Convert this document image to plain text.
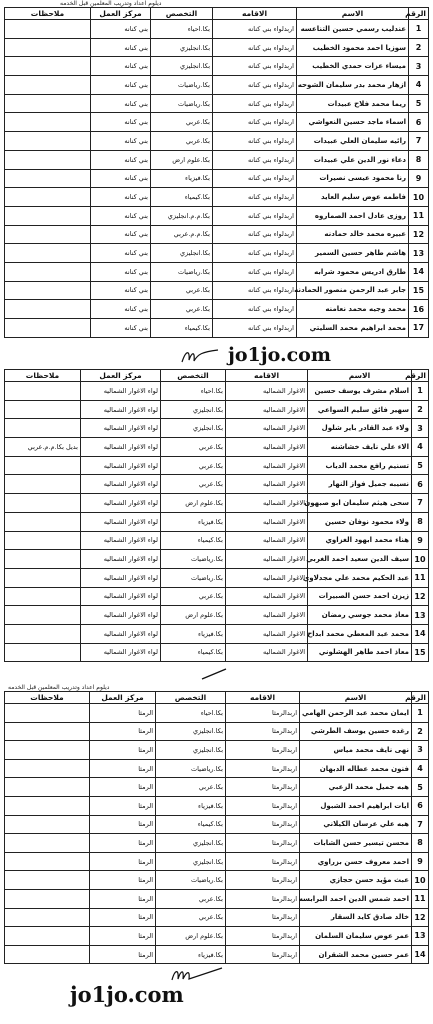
ديلوم اعداد وتدريب المعلمين قبل الخدمه
الرقم	الاسم	الاقامه	التخصص	مركز العمل	ملاحظات
1	عندليب رسمي حسين التناعسه	اربدلواء بني كنانه	بكا.احياء	بني كنانه	
2	سوزيا احمد محمود الخطيب	اربدلواء بني كنانه	بكا.انجليزي	بني كنانه	
3	ميساء عزات حمدي الخطيب	اربدلواء بني كنانه	بكا.انجليزي	بني كنانه	
4	ازهار محمد بدر سليمان الشوحه	اربدلواء بني كنانه	بكا.رياضيات	بني كنانه	
5	ريما محمد فلاح عبيدات	اربدلواء بني كنانه	بكا.رياضيات	بني كنانه	
6	اسماء ماجد حسين النعواشي	اربدلواء بني كنانه	بكا.عربي	بني كنانه	
7	رائيه سليمان العلي عبيدات	اربدلواء بني كنانه	بكا.عربي	بني كنانه	
8	دعاء نور الدين علي عبيدات	اربدلواء بني كنانه	بكا.علوم ارض	بني كنانه	
9	رنا محمود عيسى نصيرات	اربدلواء بني كنانه	بكا.فيزياء	بني كنانه	
10	فاطمه عوض سليم العايد	اربدلواء بني كنانه	بكا.كيمياء	بني كنانه	
11	روزى عادل احمد الصماروه	اربدلواء بني كنانه	بكا.م.م.انجليزي	بني كنانه	
12	عبيره محمد خالد حمادنه	اربدلواء بني كنانه	بكا.م.م.عربي	بني كنانه	
13	هاشم طاهر حسين السمير	اربدلواء بني كنانه	بكا.انجليزي	بني كنانه	
14	طارق ادريس محمود شرابه	اربدلواء بني كنانه	بكا.رياضيات	بني كنانه	
15	جابر عبد الرحمن منصور الحمادنه	اربدلواء بني كنانه	بكا.عربي	بني كنانه	
16	محمد وجيه محمد نعامنه	اربدلواء بني كنانه	بكا.عربي	بني كنانه	
17	محمد ابراهيم محمد السليتي	اربدلواء بني كنانه	بكا.كيمياء	بني كنانه	
jo1jo.com
الرقم	الاسم	الاقامه	التخصص	مركز العمل	ملاحظات
1	اسلام مشرف يوسف حسين	الاغوار الشماليه	بكا.احياء	لواء الاغوار الشماليه	
2	سهير فائق سليم السواعي	الاغوار الشماليه	بكا.انجليزي	لواء الاغوار الشماليه	
3	ولاء عبد القادر باير شلول	الاغوار الشماليه	بكا.انجليزي	لواء الاغوار الشماليه	
4	الاء علي نايف خشاشنه	الاغوار الشماليه	بكا.عربي	لواء الاغوار الشماليه	بديل بكا.م.م.عربي
5	تسنيم رافع محمد الدياب	الاغوار الشماليه	بكا.عربي	لواء الاغوار الشماليه	
6	نسيبه جميل فواز النهار	الاغوار الشماليه	بكا.عربي	لواء الاغوار الشماليه	
7	سحى هيثم سليمان ابو صبهون	الاغوار الشماليه	بكا.علوم ارض	لواء الاغوار الشماليه	
8	ولاء محمود نوفان حسين	الاغوار الشماليه	بكا.فيزياء	لواء الاغوار الشماليه	
9	هناء محمد ابهود الغزاوي	الاغوار الشماليه	بكا.كيمياء	لواء الاغوار الشماليه	
10	سيف الدين سعيد احمد الغربي	الاغوار الشماليه	بكا.رياضيات	لواء الاغوار الشماليه	
11	عبد الحكيم محمد علي مجدلاوي	الاغوار الشماليه	بكا.رياضيات	لواء الاغوار الشماليه	
12	زيزن احمد حسن الصبيرات	الاغوار الشماليه	بكا.عربي	لواء الاغوار الشماليه	
13	معاذ محمد جوسي رمضان	الاغوار الشماليه	بكا.علوم ارض	لواء الاغوار الشماليه	
14	محمد عبد المعطي محمد ابداح	الاغوار الشماليه	بكا.فيزياء	لواء الاغوار الشماليه	
15	معاذ احمد طاهر الهشلوني	الاغوار الشماليه	بكا.كيمياء	لواء الاغوار الشماليه	
ديلوم اعداد وتدريب المعلمين قبل الخدمه
الرقم	الاسم	الاقامه	التخصص	مركز العمل	ملاحظات
1	ايمان محمد عبد الرحمن الهامي	اربدالرمثا	بكا.احياء	الرمثا	
2	رغده حسين يوسف الطرشي	اربدالرمثا	بكا.انجليزي	الرمثا	
3	نهى نايف محمد مياس	اربدالرمثا	بكا.انجليزي	الرمثا	
4	فنون محمد عطاله الدبهان	اربدالرمثا	بكا.رياضيات	الرمثا	
5	هبه جميل محمد الزعبي	اربدالرمثا	بكا.عربي	الرمثا	
6	ايات ابراهيم احمد الشبول	اربدالرمثا	بكا.فيزياء	الرمثا	
7	هبه علي عرسان الكيلاني	اربدالرمثا	بكا.كيمياء	الرمثا	
8	محسن تيسير حسن الشابات	اربدالرمثا	بكا.انجليزي	الرمثا	
9	احمد معروف حسن بزراوي	اربدالرمثا	بكا.انجليزي	الرمثا	
10	عبث مؤيد حسن حجازي	اربدالرمثا	بكا.رياضيات	الرمثا	
11	احمد شمس الدين احمد البرابسه	اربدالرمثا	بكا.عربي	الرمثا	
12	خالد صادق كايد السقار	اربدالرمثا	بكا.عربي	الرمثا	
13	عمر عوض سليمان السلمان	اربدالرمثا	بكا.علوم ارض	الرمثا	
14	عمر حسين محمد الشقران	اربدالرمثا	بكا.فيزياء	الرمثا	
jo1jo.com
